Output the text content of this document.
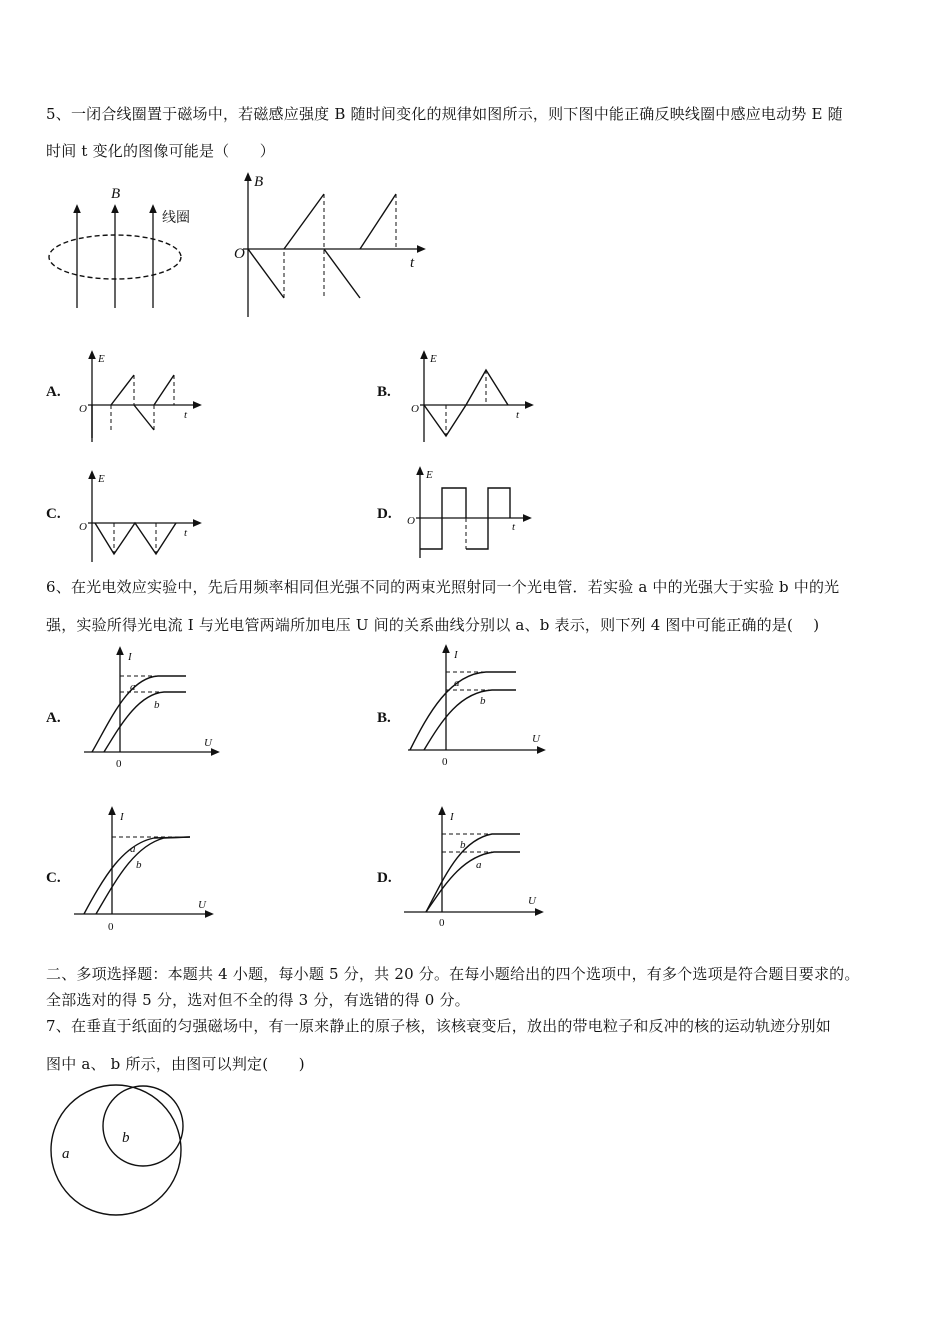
5、一闭合线圈置于磁场中，若磁感应强度 B 随时间变化的规律如图所示，则下图中能正确反映线圈中感应电动势 E 随
时间 t 变化的图像可能是（　　）
B
线圈
B
O
t
A.
E
O	t
B.
E
O	t
C.
E
O	t
D.
E
O	t
6、在光电效应实验中，先后用频率相同但光强不同的两束光照射同一个光电管．若实验 a 中的光强大于实验 b 中的光
强，实验所得光电流 I 与光电管两端所加电压 U 间的关系曲线分别以 a、b 表示，则下列 4 图中可能正确的是(　 )
A.
I
U
0
a
b
B.
I
U
0
a
b
C.
I
U
0
a
b
D.
I
U
0
b
a
二、多项选择题：本题共 4 小题，每小题 5 分，共 20 分。在每小题给出的四个选项中，有多个选项是符合题目要求的。
全部选对的得 5 分，选对但不全的得 3 分，有选错的得 0 分。
7、在垂直于纸面的匀强磁场中，有一原来静止的原子核，该核衰变后，放出的带电粒子和反冲的核的运动轨迹分别如
图中 a、 b 所示，由图可以判定(　　)
a
b
